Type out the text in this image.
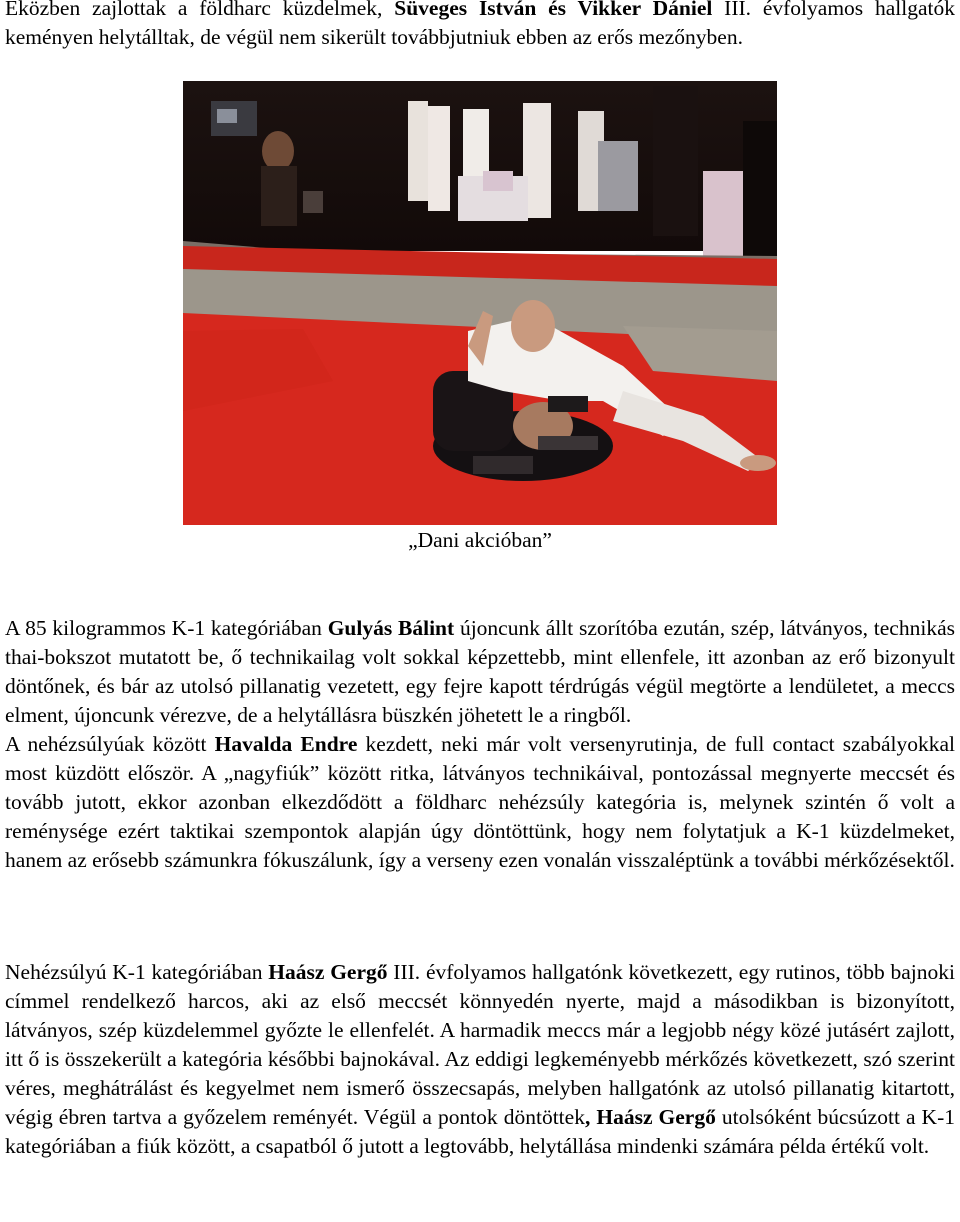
Eközben zajlottak a földharc küzdelmek, Süveges István és Vikker Dániel III. évfolyamos hallgatók keményen helytálltak, de végül nem sikerült továbbjutniuk ebben az erős mezőnyben.

„Dani akcióban”

A 85 kilogrammos K-1 kategóriában Gulyás Bálint újoncunk állt szorítóba ezután, szép, látványos, technikás thai-bokszot mutatott be, ő technikailag volt sokkal képzettebb, mint ellenfele, itt azonban az erő bizonyult döntőnek, és bár az utolsó pillanatig vezetett, egy fejre kapott térdrúgás végül megtörte a lendületet, a meccs elment, újoncunk vérezve, de a helytállásra büszkén jöhetett le a ringből.
A nehézsúlyúak között Havalda Endre kezdett, neki már volt versenyrutinja, de full contact szabályokkal most küzdött először. A „nagyfiúk” között ritka, látványos technikáival, pontozással megnyerte meccsét és tovább jutott, ekkor azonban elkezdődött a földharc nehézsúly kategória is, melynek szintén ő volt a reménysége ezért taktikai szempontok alapján úgy döntöttünk, hogy nem folytatjuk a K-1 küzdelmeket, hanem az erősebb számunkra fókuszálunk, így a verseny ezen vonalán visszaléptünk a további mérkőzésektől.

Nehézsúlyú K-1 kategóriában Haász Gergő III. évfolyamos hallgatónk következett, egy rutinos, több bajnoki címmel rendelkező harcos, aki az első meccsét könnyedén nyerte, majd a másodikban is bizonyított, látványos, szép küzdelemmel győzte le ellenfelét. A harmadik meccs már a legjobb négy közé jutásért zajlott, itt ő is összekerült a kategória későbbi bajnokával. Az eddigi legkeményebb mérkőzés következett, szó szerint véres, meghátrálást és kegyelmet nem ismerő összecsapás, melyben hallgatónk az utolsó pillanatig kitartott, végig ébren tartva a győzelem reményét. Végül a pontok döntöttek, Haász Gergő utolsóként búcsúzott a K-1 kategóriában a fiúk között, a csapatból ő jutott a legtovább, helytállása mindenki számára példa értékű volt.
